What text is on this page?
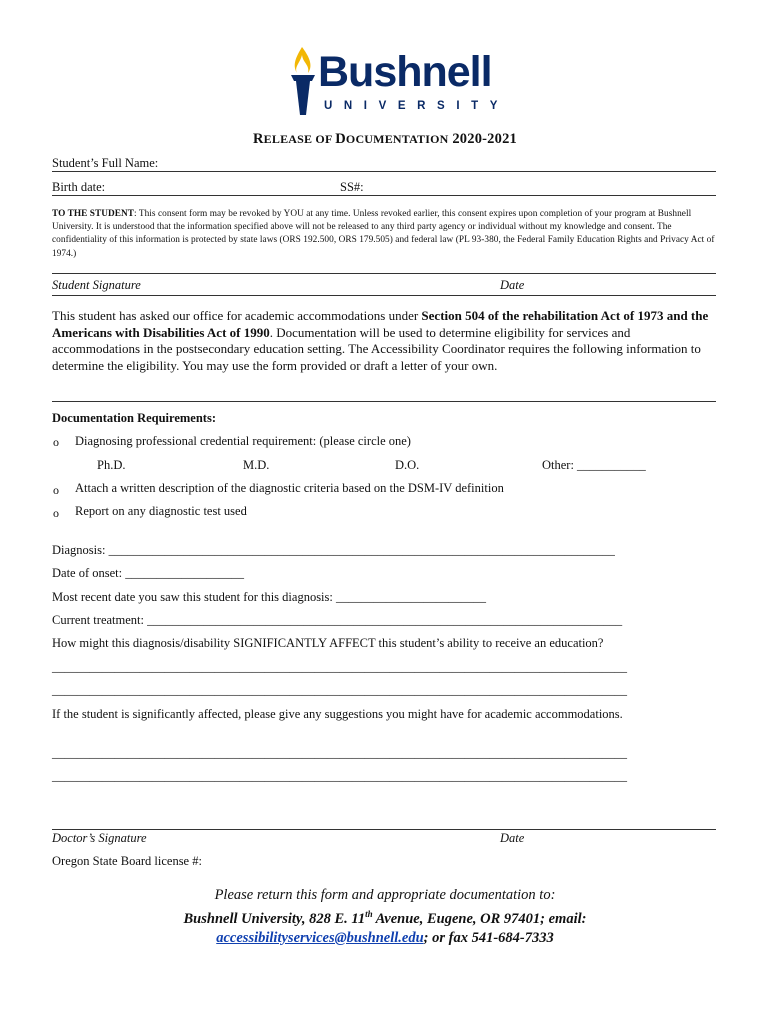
Bushnell
UNIVERSITY
RELEASE OF DOCUMENTATION 2020-2021
Student’s Full Name:
Birth date:	SS#:
TO THE STUDENT: This consent form may be revoked by YOU at any time. Unless revoked earlier, this consent expires upon completion of your program at Bushnell University. It is understood that the information specified above will not be released to any third party agency or individual without my knowledge and consent. The confidentiality of this information is protected by state laws (ORS 192.500, ORS 179.505) and federal law (PL 93-380, the Federal Family Education Rights and Privacy Act of 1974.)
Student Signature	Date
This student has asked our office for academic accommodations under Section 504 of the rehabilitation Act of 1973 and the Americans with Disabilities Act of 1990. Documentation will be used to determine eligibility for services and accommodations in the postsecondary education setting. The Accessibility Coordinator requires the following information to determine the eligibility. You may use the form provided or draft a letter of your own.
Documentation Requirements:
o Diagnosing professional credential requirement: (please circle one)
Ph.D.	M.D.	D.O.	Other: ___________
o Attach a written description of the diagnostic criteria based on the DSM-IV definition
o Report on any diagnostic test used
Diagnosis: _________________________________________________________________________________
Date of onset: ___________________
Most recent date you saw this student for this diagnosis: ________________________
Current treatment: ____________________________________________________________________________
How might this diagnosis/disability SIGNIFICANTLY AFFECT this student’s ability to receive an education?
____________________________________________________________________________________________
____________________________________________________________________________________________
If the student is significantly affected, please give any suggestions you might have for academic accommodations.
____________________________________________________________________________________________
____________________________________________________________________________________________
Doctor’s Signature	Date
Oregon State Board license #:
Please return this form and appropriate documentation to:
Bushnell University, 828 E. 11th Avenue, Eugene, OR 97401; email:
accessibilityservices@bushnell.edu; or fax 541-684-7333
